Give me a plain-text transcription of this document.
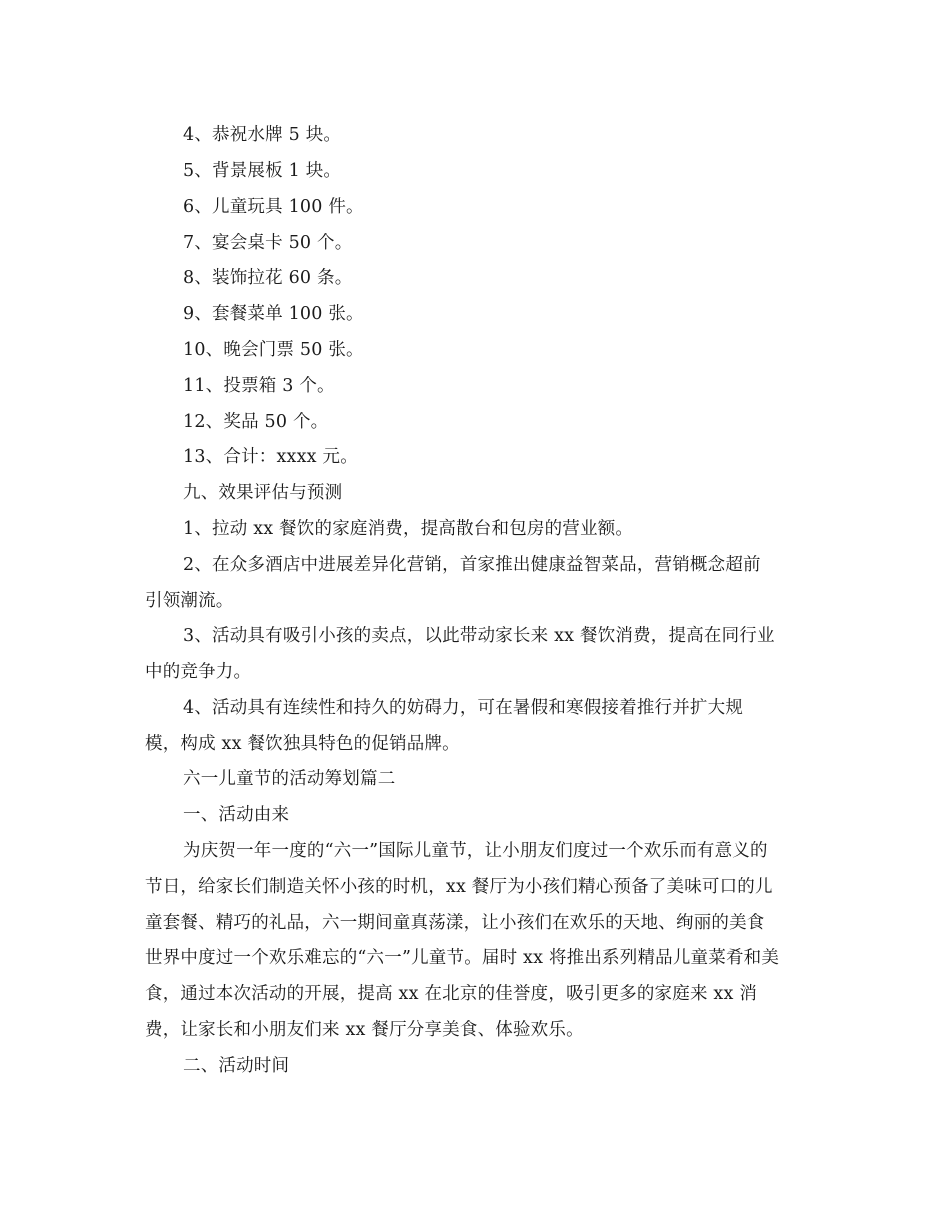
4、恭祝水牌 5 块。
5、背景展板 1 块。
6、儿童玩具 100 件。
7、宴会桌卡 50 个。
8、装饰拉花 60 条。
9、套餐菜单 100 张。
10、晚会门票 50 张。
11、投票箱 3 个。
12、奖品 50 个。
13、合计：xxxx 元。
九、效果评估与预测
1、拉动 xx 餐饮的家庭消费，提高散台和包房的营业额。
2、在众多酒店中进展差异化营销，首家推出健康益智菜品，营销概念超前
引领潮流。
3、活动具有吸引小孩的卖点，以此带动家长来 xx 餐饮消费，提高在同行业
中的竞争力。
4、活动具有连续性和持久的妨碍力，可在暑假和寒假接着推行并扩大规
模，构成 xx 餐饮独具特色的促销品牌。
六一儿童节的活动筹划篇二
一、活动由来
为庆贺一年一度的“六一”国际儿童节，让小朋友们度过一个欢乐而有意义的
节日，给家长们制造关怀小孩的时机，xx 餐厅为小孩们精心预备了美味可口的儿
童套餐、精巧的礼品，六一期间童真荡漾，让小孩们在欢乐的天地、绚丽的美食
世界中度过一个欢乐难忘的“六一”儿童节。届时 xx 将推出系列精品儿童菜肴和美
食，通过本次活动的开展，提高 xx 在北京的佳誉度，吸引更多的家庭来 xx 消
费，让家长和小朋友们来 xx 餐厅分享美食、体验欢乐。
二、活动时间
